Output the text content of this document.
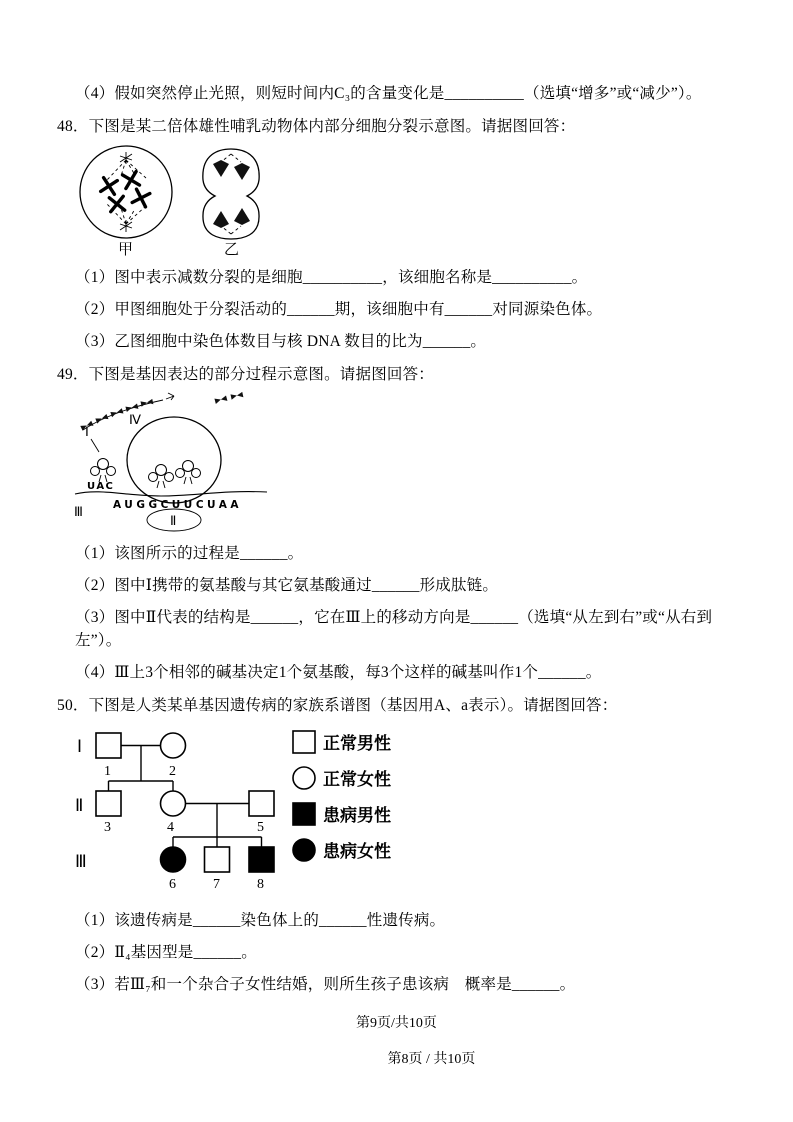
（4）假如突然停止光照，则短时间内C₃的含量变化是__________（选填“增多”或“减少”）。

48．下图是某二倍体雄性哺乳动物体内部分细胞分裂示意图。请据图回答：

甲	乙

（1）图中表示减数分裂的是细胞__________，该细胞名称是__________。

（2）甲图细胞处于分裂活动的______期，该细胞中有______对同源染色体。

（3）乙图细胞中染色体数目与核 DNA 数目的比为______。

49．下图是基因表达的部分过程示意图。请据图回答：

Ⅳ
Ⅰ
UAC
AUGGCUUCUAA
Ⅲ
Ⅱ

（1）该图所示的过程是______。

（2）图中Ⅰ携带的氨基酸与其它氨基酸通过______形成肽链。

（3）图中Ⅱ代表的结构是______，它在Ⅲ上的移动方向是______（选填“从左到右”或“从右到左”）。

（4）Ⅲ上3个相邻的碱基决定1个氨基酸，每3个这样的碱基叫作1个______。

50．下图是人类某单基因遗传病的家族系谱图（基因用A、a表示）。请据图回答：

Ⅰ
Ⅱ
Ⅲ
1	2
3	4	5
6	7	8
正常男性
正常女性
患病男性
患病女性

（1）该遗传病是______染色体上的______性遗传病。

（2）Ⅱ₄基因型是______。

（3）若Ⅲ₇和一个杂合子女性结婚，则所生孩子患该病　概率是______。

第9页/共10页
第8页 / 共10页
